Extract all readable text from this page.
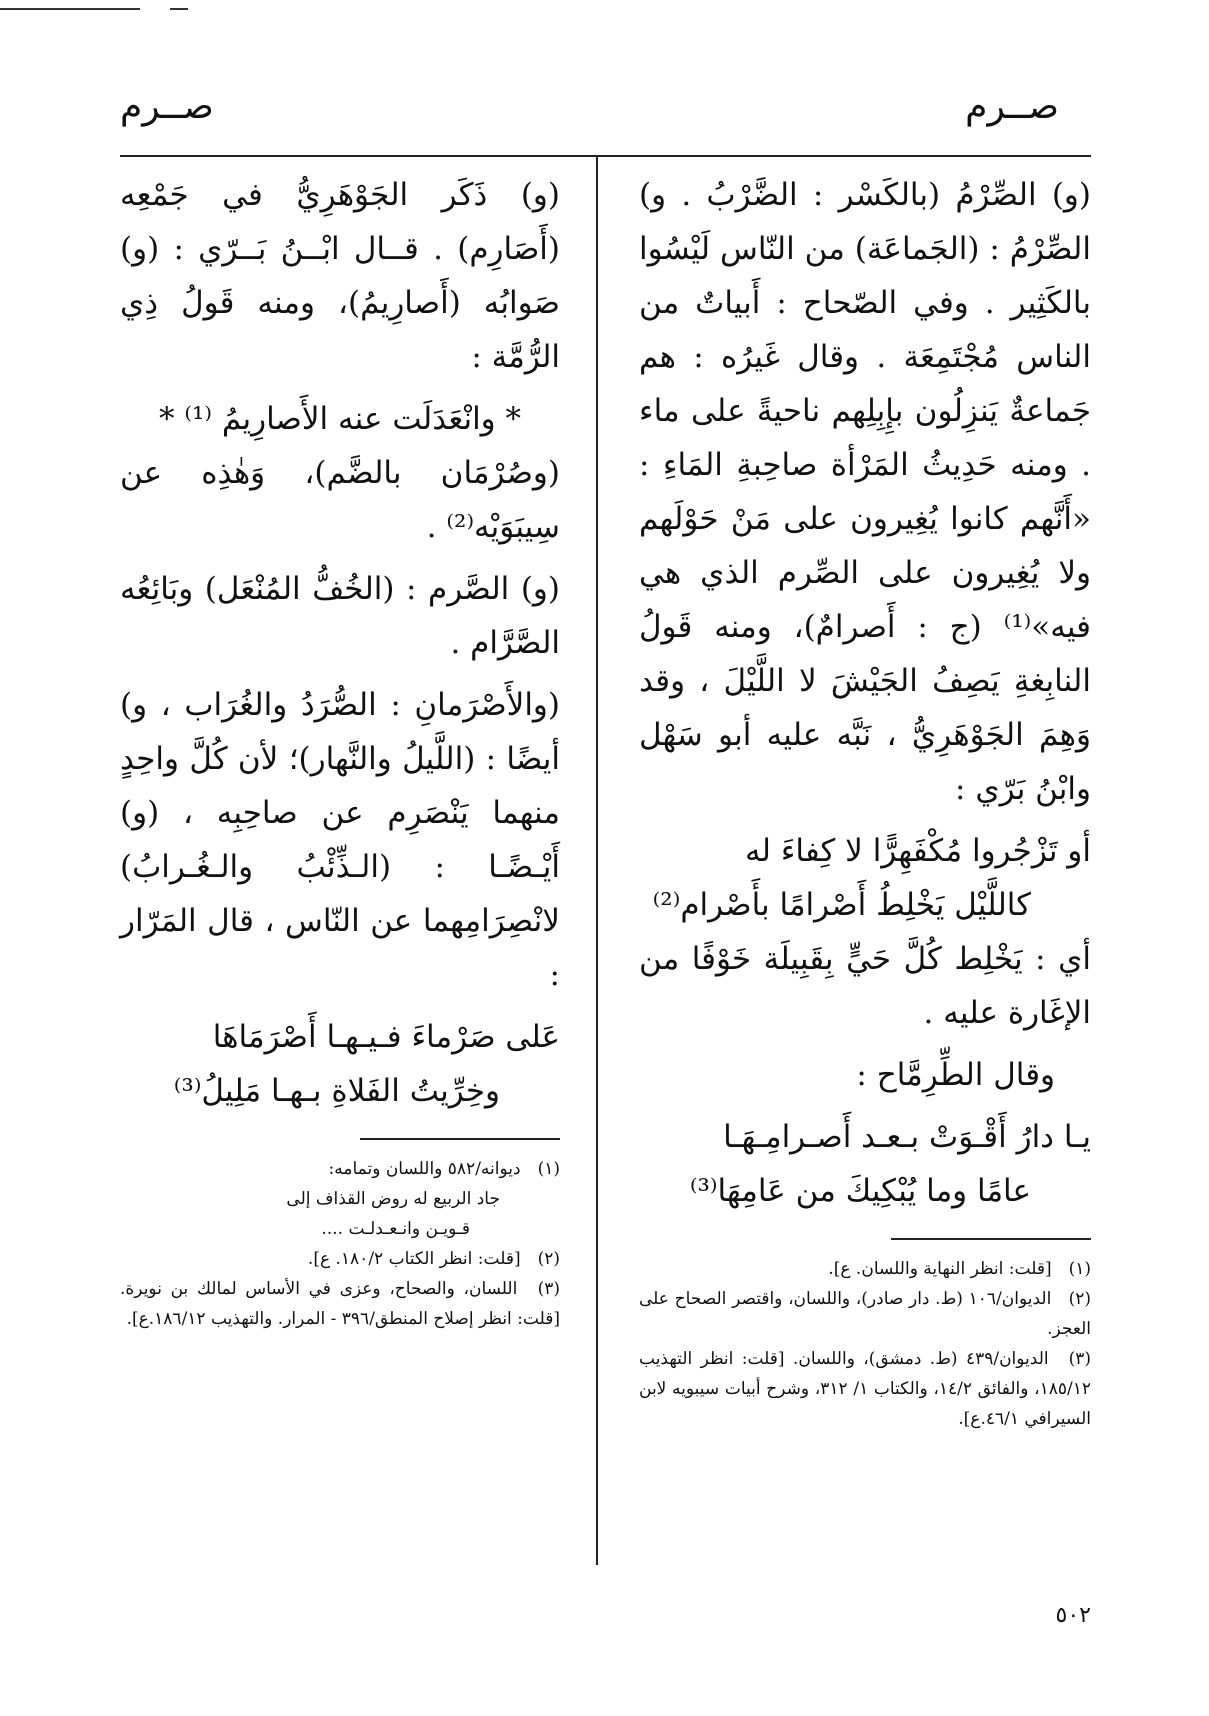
صــرم
صــرم

(و) الصِّرْمُ (بالكَسْر : الضَّرْبُ . و) الصِّرْمُ : (الجَماعَة) من النّاس لَيْسُوا بالكَثِير . وفي الصّحاح : أَبياتٌ من الناس مُجْتَمِعَة . وقال غَيرُه : هم جَماعةٌ يَنزِلُون بإِبِلِهم ناحيةً على ماء . ومنه حَدِيثُ المَرْأة صاحِبةِ المَاءِ : «أَنَّهم كانوا يُغِيرون على مَنْ حَوْلَهم ولا يُغِيرون على الصِّرم الذي هي فيه»⁽¹⁾ (ج : أَصرامٌ)، ومنه قَولُ النابِغةِ يَصِفُ الجَيْشَ لا اللَّيْلَ ، وقد وَهِمَ الجَوْهَرِيُّ ، نَبَّه عليه أبو سَهْل وابْنُ بَرّي :

أو تَزْجُروا مُكْفَهِرًّا لا كِفاءَ له

كاللَّيْل يَخْلِطُ أَصْرامًا بأَصْرام⁽²⁾

أي : يَخْلِط كُلَّ حَيٍّ بِقَبِيلَة خَوْفًا من الإغَارة عليه .

وقال الطِّرِمَّاح :

يـا دارُ أَقْـوَتْ بـعـد أَصـرامِـهَـا

عامًا وما يُبْكِيكَ من عَامِهَا⁽³⁾

(١) [قلت: انظر النهاية واللسان. ع].

(٢) الديوان/١٠٦ (ط. دار صادر)، واللسان، واقتصر الصحاح على العجز.

(٣) الديوان/٤٣٩ (ط. دمشق)، واللسان. [قلت: انظر التهذيب ١٨٥/١٢، والفائق ١٤/٢، والكتاب ١/ ٣١٢، وشرح أبيات سيبويه لابن السيرافي ٤٦/١.ع].

(و) ذَكَر الجَوْهَرِيُّ في جَمْعِه (أَصَارِم) . قــال ابْــنُ بَــرّي : (و) صَوابُه (أَصارِيمُ)، ومنه قَولُ ذِي الرُّمَّة :

* وانْعَدَلَت عنه الأَصارِيمُ ⁽¹⁾ *

(وصُرْمَان بالضَّم)، وَهٰذِه عن سِيبَوَيْه⁽²⁾ .

(و) الصَّرم : (الخُفُّ المُنْعَل) وبَائِعُه الصَّرَّام .

(والأَصْرَمانِ : الصُّرَدُ والغُرَاب ، و) أيضًا : (اللَّيلُ والنَّهار)؛ لأن كُلَّ واحِدٍ منهما يَنْصَرِم عن صاحِبِه ، (و) أَيْـضًـا : (الـذِّئْبُ والـغُـرابُ) لانْصِرَامِهما عن النّاس ، قال المَرّار :

عَلى صَرْماءَ فـيـهـا أَصْرَمَاهَا

وخِرِّيتُ الفَلاةِ بـهـا مَلِيلُ⁽³⁾

(١) ديوانه/٥٨٢ واللسان وتمامه:

جاد الربيع له روض القذاف إلى

قـويـن وانـعـدلـت ....

(٢) [قلت: انظر الكتاب ١٨٠/٢. ع].

(٣) اللسان، والصحاح، وعزى في الأساس لمالك بن نويرة. [قلت: انظر إصلاح المنطق/٣٩٦ - المرار. والتهذيب ١٨٦/١٢.ع].

٥٠٢
